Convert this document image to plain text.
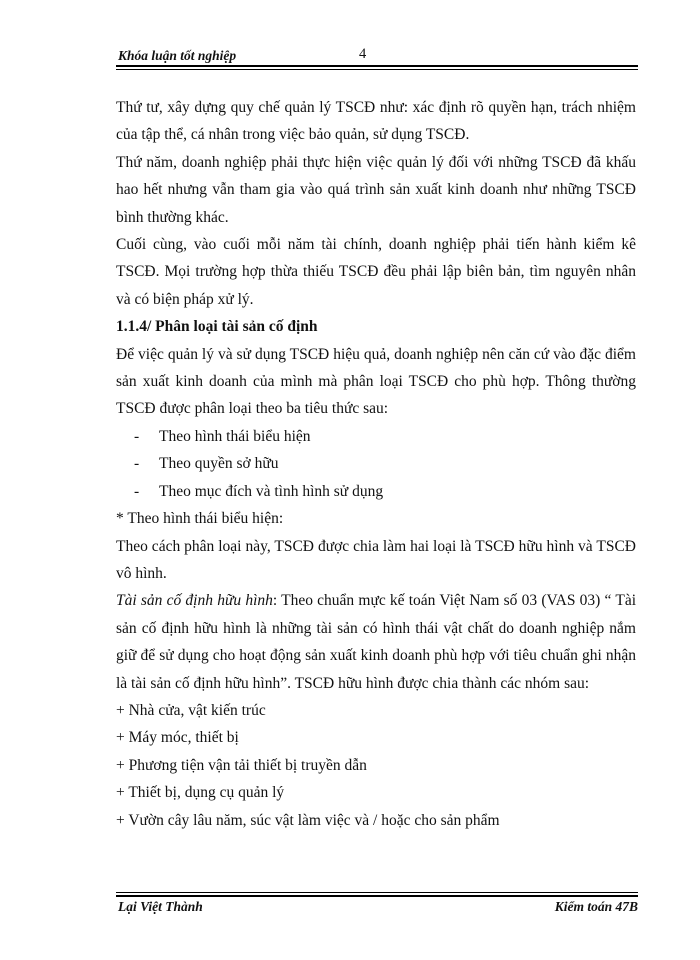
Khóa luận tốt nghiệp	4

Thứ tư, xây dựng quy chế quản lý TSCĐ như: xác định rõ quyền hạn, trách nhiệm của tập thể, cá nhân trong việc bảo quản, sử dụng TSCĐ.

Thứ năm, doanh nghiệp phải thực hiện việc quản lý đối với những TSCĐ đã khấu hao hết nhưng vẫn tham gia vào quá trình sản xuất kinh doanh như những TSCĐ bình thường khác.

Cuối cùng, vào cuối mỗi năm tài chính, doanh nghiệp phải tiến hành kiểm kê TSCĐ. Mọi trường hợp thừa thiếu TSCĐ đều phải lập biên bản, tìm nguyên nhân và có biện pháp xử lý.

1.1.4/ Phân loại tài sản cố định

Để việc quản lý và sử dụng TSCĐ hiệu quả, doanh nghiệp nên căn cứ vào đặc điểm sản xuất kinh doanh của mình mà phân loại TSCĐ cho phù hợp. Thông thường TSCĐ được phân loại theo ba tiêu thức sau:

- Theo hình thái biểu hiện
- Theo quyền sở hữu
- Theo mục đích và tình hình sử dụng

* Theo hình thái biểu hiện:

Theo cách phân loại này, TSCĐ được chia làm hai loại là TSCĐ hữu hình và TSCĐ vô hình.

Tài sản cố định hữu hình: Theo chuẩn mực kế toán Việt Nam số 03 (VAS 03) “ Tài sản cố định hữu hình là những tài sản có hình thái vật chất do doanh nghiệp nắm giữ để sử dụng cho hoạt động sản xuất kinh doanh phù hợp với tiêu chuẩn ghi nhận là tài sản cố định hữu hình”. TSCĐ hữu hình được chia thành các nhóm sau:

+ Nhà cửa, vật kiến trúc

+ Máy móc, thiết bị

+ Phương tiện vận tải thiết bị truyền dẫn

+ Thiết bị, dụng cụ quản lý

+ Vườn cây lâu năm, súc vật làm việc và / hoặc cho sản phẩm

Lại Việt Thành	Kiểm toán 47B
